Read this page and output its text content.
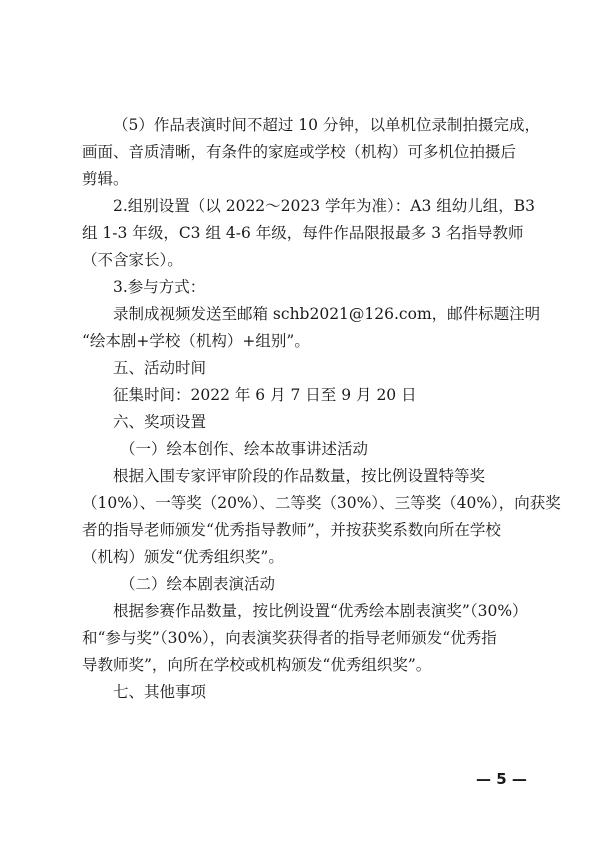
（5）作品表演时间不超过 10 分钟，以单机位录制拍摄完成，
画面、音质清晰，有条件的家庭或学校（机构）可多机位拍摄后
剪辑。
2.组别设置（以 2022～2023 学年为准）：A3 组幼儿组，B3
组 1-3 年级，C3 组 4-6 年级，每件作品限报最多 3 名指导教师
（不含家长）。
3.参与方式：
录制成视频发送至邮箱 schb2021@126.com，邮件标题注明
“绘本剧+学校（机构）+组别”。
五、活动时间
征集时间：2022 年 6 月 7 日至 9 月 20 日
六、奖项设置
（一）绘本创作、绘本故事讲述活动
根据入围专家评审阶段的作品数量，按比例设置特等奖
（10%）、一等奖（20%）、二等奖（30%）、三等奖（40%），向获奖
者的指导老师颁发“优秀指导教师”，并按获奖系数向所在学校
（机构）颁发“优秀组织奖”。
（二）绘本剧表演活动
根据参赛作品数量，按比例设置“优秀绘本剧表演奖”（30%）
和“参与奖”（30%），向表演奖获得者的指导老师颁发“优秀指
导教师奖”，向所在学校或机构颁发“优秀组织奖”。
七、其他事项
— 5 —
